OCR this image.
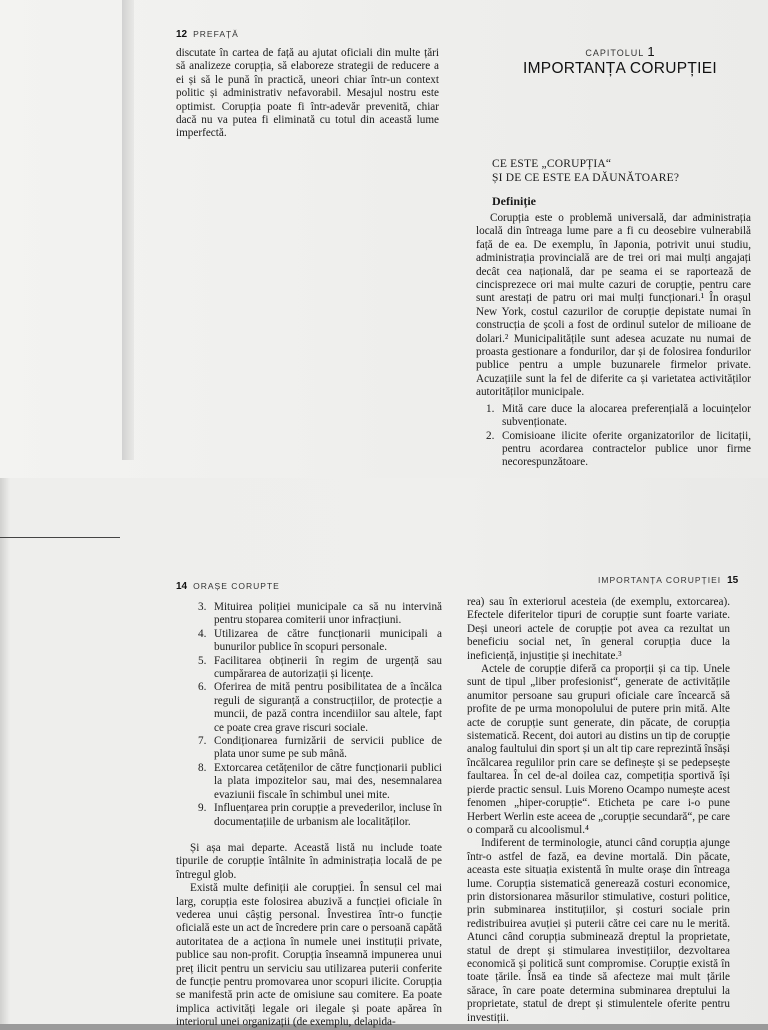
12 PREFAȚĂ

discutate în cartea de față au ajutat oficiali din multe țări să analizeze corupția, să elaboreze strategii de reducere a ei și să le pună în practică, uneori chiar într-un context politic și administrativ nefavorabil. Mesajul nostru este optimist. Corupția poate fi într-adevăr prevenită, chiar dacă nu va putea fi eliminată cu totul din această lume imperfectă.

CAPITOLUL 1
IMPORTANȚA CORUPȚIEI
CE ESTE „CORUPȚIA“
ȘI DE CE ESTE EA DĂUNĂTOARE?
Definiție

Corupția este o problemă universală, dar administrația locală din întreaga lume pare a fi cu deosebire vulnerabilă față de ea. De exemplu, în Japonia, potrivit unui studiu, administrația provincială are de trei ori mai mulți angajați decât cea națională, dar pe seama ei se raportează de cincisprezece ori mai multe cazuri de corupție, pentru care sunt arestați de patru ori mai mulți funcționari.¹ În orașul New York, costul cazurilor de corupție depistate numai în construcția de școli a fost de ordinul sutelor de milioane de dolari.² Municipalitățile sunt adesea acuzate nu numai de proasta gestionare a fondurilor, dar și de folosirea fondurilor publice pentru a umple buzunarele firmelor private. Acuzațiile sunt la fel de diferite ca și varietatea activităților autorităților municipale.

1. Mită care duce la alocarea preferențială a locuințelor subvenționate.
2. Comisioane ilicite oferite organizatorilor de licitații, pentru acordarea contractelor publice unor firme necorespunzătoare.
14 ORAȘE CORUPTE
3. Mituirea poliției municipale ca să nu intervină pentru stoparea comiterii unor infracțiuni.
4. Utilizarea de către funcționarii municipali a bunurilor publice în scopuri personale.
5. Facilitarea obținerii în regim de urgență sau cumpărarea de autorizații și licențe.
6. Oferirea de mită pentru posibilitatea de a încălca reguli de siguranță a construcțiilor, de protecție a muncii, de pază contra incendiilor sau altele, fapt ce poate crea grave riscuri sociale.
7. Condiționarea furnizării de servicii publice de plata unor sume pe sub mână.
8. Extorcarea cetățenilor de către funcționarii publici la plata impozitelor sau, mai des, nesemnalarea evaziunii fiscale în schimbul unei mite.
9. Influențarea prin corupție a prevederilor, incluse în documentațiile de urbanism ale localităților.

Și așa mai departe. Această listă nu include toate tipurile de corupție întâlnite în administrația locală de pe întregul glob.

Există multe definiții ale corupției. În sensul cel mai larg, corupția este folosirea abuzivă a funcției oficiale în vederea unui câștig personal. Învestirea într-o funcție oficială este un act de încredere prin care o persoană capătă autoritatea de a acționa în numele unei instituții private, publice sau non-profit. Corupția înseamnă impunerea unui preț ilicit pentru un serviciu sau utilizarea puterii conferite de funcție pentru promovarea unor scopuri ilicite. Corupția se manifestă prin acte de omisiune sau comitere. Ea poate implica activități legale ori ilegale și poate apărea în interiorul unei organizații (de exemplu, delapida-

IMPORTANȚA CORUPȚIEI 15

rea) sau în exteriorul acesteia (de exemplu, extorcarea). Efectele diferitelor tipuri de corupție sunt foarte variate. Deși uneori actele de corupție pot avea ca rezultat un beneficiu social net, în general corupția duce la ineficiență, injustiție și inechitate.³

Actele de corupție diferă ca proporții și ca tip. Unele sunt de tipul „liber profesionist“, generate de activitățile anumitor persoane sau grupuri oficiale care încearcă să profite de pe urma monopolului de putere prin mită. Alte acte de corupție sunt generate, din păcate, de corupția sistematică. Recent, doi autori au distins un tip de corupție analog faultului din sport și un alt tip care reprezintă însăși încălcarea regulilor prin care se definește și se pedepsește faultarea. În cel de-al doilea caz, competiția sportivă își pierde practic sensul. Luis Moreno Ocampo numește acest fenomen „hiper-corupție“. Eticheta pe care i-o pune Herbert Werlin este aceea de „corupție secundară“, pe care o compară cu alcoolismul.⁴

Indiferent de terminologie, atunci când corupția ajunge într-o astfel de fază, ea devine mortală. Din păcate, aceasta este situația existentă în multe orașe din întreaga lume. Corupția sistematică generează costuri economice, prin distorsionarea măsurilor stimulative, costuri politice, prin subminarea instituțiilor, și costuri sociale prin redistribuirea avuției și puterii către cei care nu le merită. Atunci când corupția subminează dreptul la proprietate, statul de drept și stimularea investițiilor, dezvoltarea economică și politică sunt compromise. Corupție există în toate țările. Însă ea tinde să afecteze mai mult țările sărace, în care poate determina subminarea dreptului la proprietate, statul de drept și stimulentele oferite pentru investiții.
